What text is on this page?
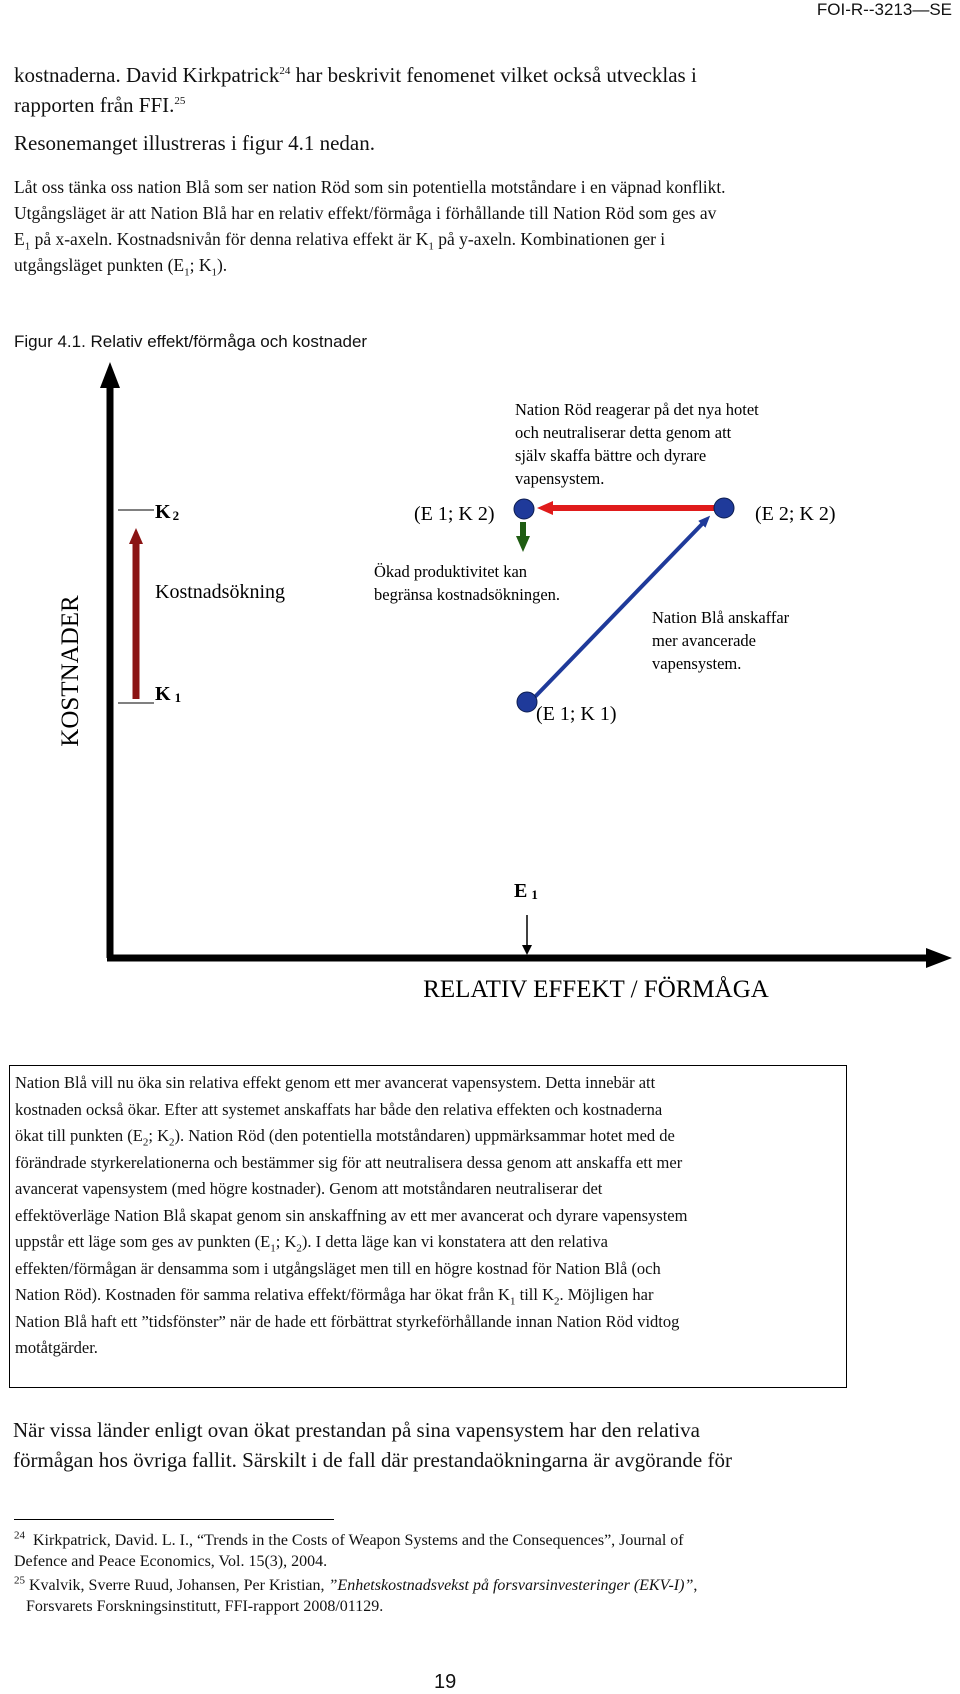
FOI-R--3213—SE
kostnaderna. David Kirkpatrick$^{24}$ har beskrivit fenomenet vilket också utvecklas i
rapporten från FFI.$^{25}$
Resonemanget illustreras i figur 4.1 nedan.
Låt oss tänka oss nation Blå som ser nation Röd som sin potentiella motståndare i en väpnad konflikt.
Utgångsläget är att Nation Blå har en relativ effekt/förmåga i förhållande till Nation Röd som ges av
$E_1$ på x-axeln. Kostnadsnivån för denna relativa effekt är $K_1$ på y-axeln. Kombinationen ger i
utgångsläget punkten ($E_1$; $K_1$).
Figur 4.1. Relativ effekt/förmåga och kostnader
KOSTNADER
RELATIV EFFEKT / FÖRMÅGA
K 2
K 1
Kostnadsökning
Nation Röd reagerar på det nya hotet och neutraliserar detta genom att själv skaffa bättre och dyrare vapensystem.
(E 1; K 2)	(E 2; K 2)
(E 1; K 1)
Ökad produktivitet kan begränsa kostnadsökningen.
Nation Blå anskaffar mer avancerade vapensystem.
E 1
Nation Blå vill nu öka sin relativa effekt genom ett mer avancerat vapensystem. Detta innebär att
kostnaden också ökar. Efter att systemet anskaffats har både den relativa effekten och kostnaderna
ökat till punkten ($E_2$; $K_2$). Nation Röd (den potentiella motståndaren) uppmärksammar hotet med de
förändrade styrkerelationerna och bestämmer sig för att neutralisera dessa genom att anskaffa ett mer
avancerat vapensystem (med högre kostnader). Genom att motståndaren neutraliserar det
effektöverläge Nation Blå skapat genom sin anskaffning av ett mer avancerat och dyrare vapensystem
uppstår ett läge som ges av punkten ($E_1$; $K_2$). I detta läge kan vi konstatera att den relativa
effekten/förmågan är densamma som i utgångsläget men till en högre kostnad för Nation Blå (och
Nation Röd). Kostnaden för samma relativa effekt/förmåga har ökat från $K_1$ till $K_2$. Möjligen har
Nation Blå haft ett ”tidsfönster” när de hade ett förbättrat styrkeförhållande innan Nation Röd vidtog
motåtgärder.
När vissa länder enligt ovan ökat prestandan på sina vapensystem har den relativa
förmågan hos övriga fallit. Särskilt i de fall där prestandaökningarna är avgörande för
$^{24}$ Kirkpatrick, David. L. I., “Trends in the Costs of Weapon Systems and the Consequences”, Journal of
Defence and Peace Economics, Vol. 15(3), 2004.
$^{25}$ Kvalvik, Sverre Ruud, Johansen, Per Kristian, ”Enhetskostnadsvekst på forsvarsinvesteringer (EKV-I)”,
Forsvarets Forskningsinstitutt, FFI-rapport 2008/01129.
19
